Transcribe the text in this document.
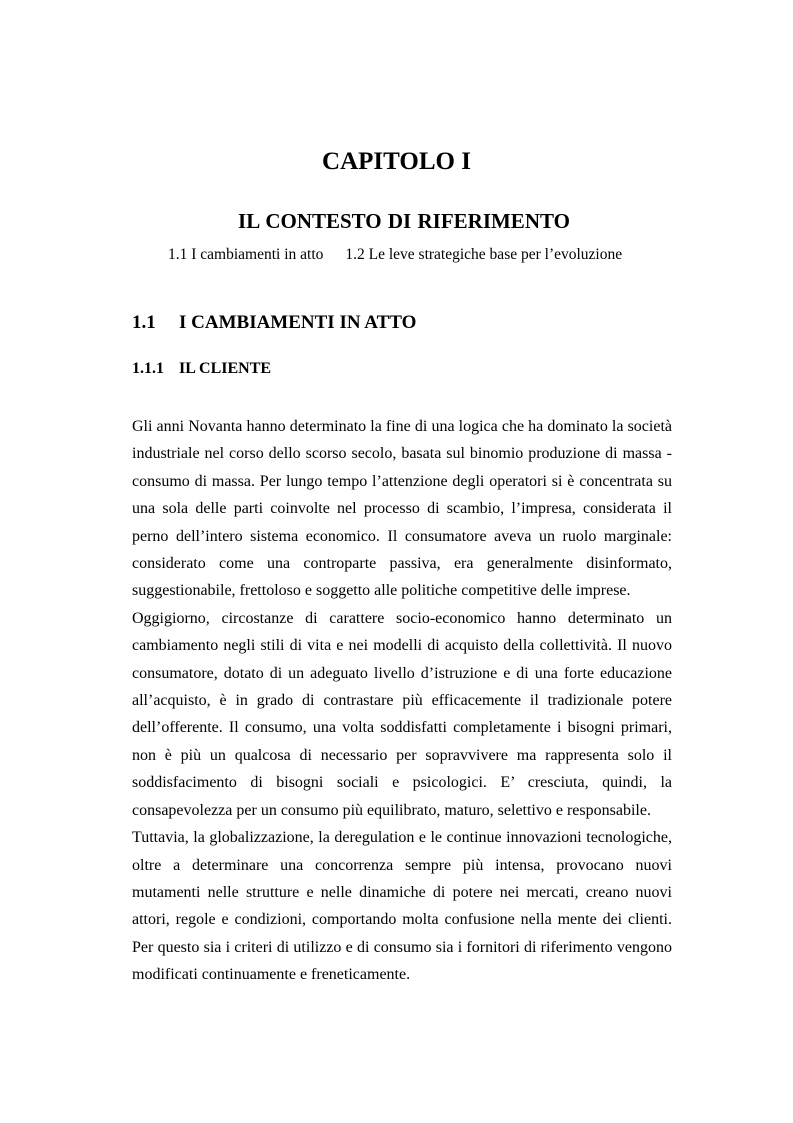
CAPITOLO I
IL CONTESTO DI RIFERIMENTO
1.1 I cambiamenti in atto 1.2 Le leve strategiche base per l’evoluzione
1.1 I CAMBIAMENTI IN ATTO
1.1.1 IL CLIENTE

Gli anni Novanta hanno determinato la fine di una logica che ha dominato la società industriale nel corso dello scorso secolo, basata sul binomio produzione di massa - consumo di massa. Per lungo tempo l’attenzione degli operatori si è concentrata su una sola delle parti coinvolte nel processo di scambio, l’impresa, considerata il perno dell’intero sistema economico. Il consumatore aveva un ruolo marginale: considerato come una controparte passiva, era generalmente disinformato, suggestionabile, frettoloso e soggetto alle politiche competitive delle imprese.

Oggigiorno, circostanze di carattere socio-economico hanno determinato un cambiamento negli stili di vita e nei modelli di acquisto della collettività. Il nuovo consumatore, dotato di un adeguato livello d’istruzione e di una forte educazione all’acquisto, è in grado di contrastare più efficacemente il tradizionale potere dell’offerente. Il consumo, una volta soddisfatti completamente i bisogni primari, non è più un qualcosa di necessario per sopravvivere ma rappresenta solo il soddisfacimento di bisogni sociali e psicologici. E’ cresciuta, quindi, la consapevolezza per un consumo più equilibrato, maturo, selettivo e responsabile.

Tuttavia, la globalizzazione, la deregulation e le continue innovazioni tecnologiche, oltre a determinare una concorrenza sempre più intensa, provocano nuovi mutamenti nelle strutture e nelle dinamiche di potere nei mercati, creano nuovi attori, regole e condizioni, comportando molta confusione nella mente dei clienti. Per questo sia i criteri di utilizzo e di consumo sia i fornitori di riferimento vengono modificati continuamente e freneticamente.
